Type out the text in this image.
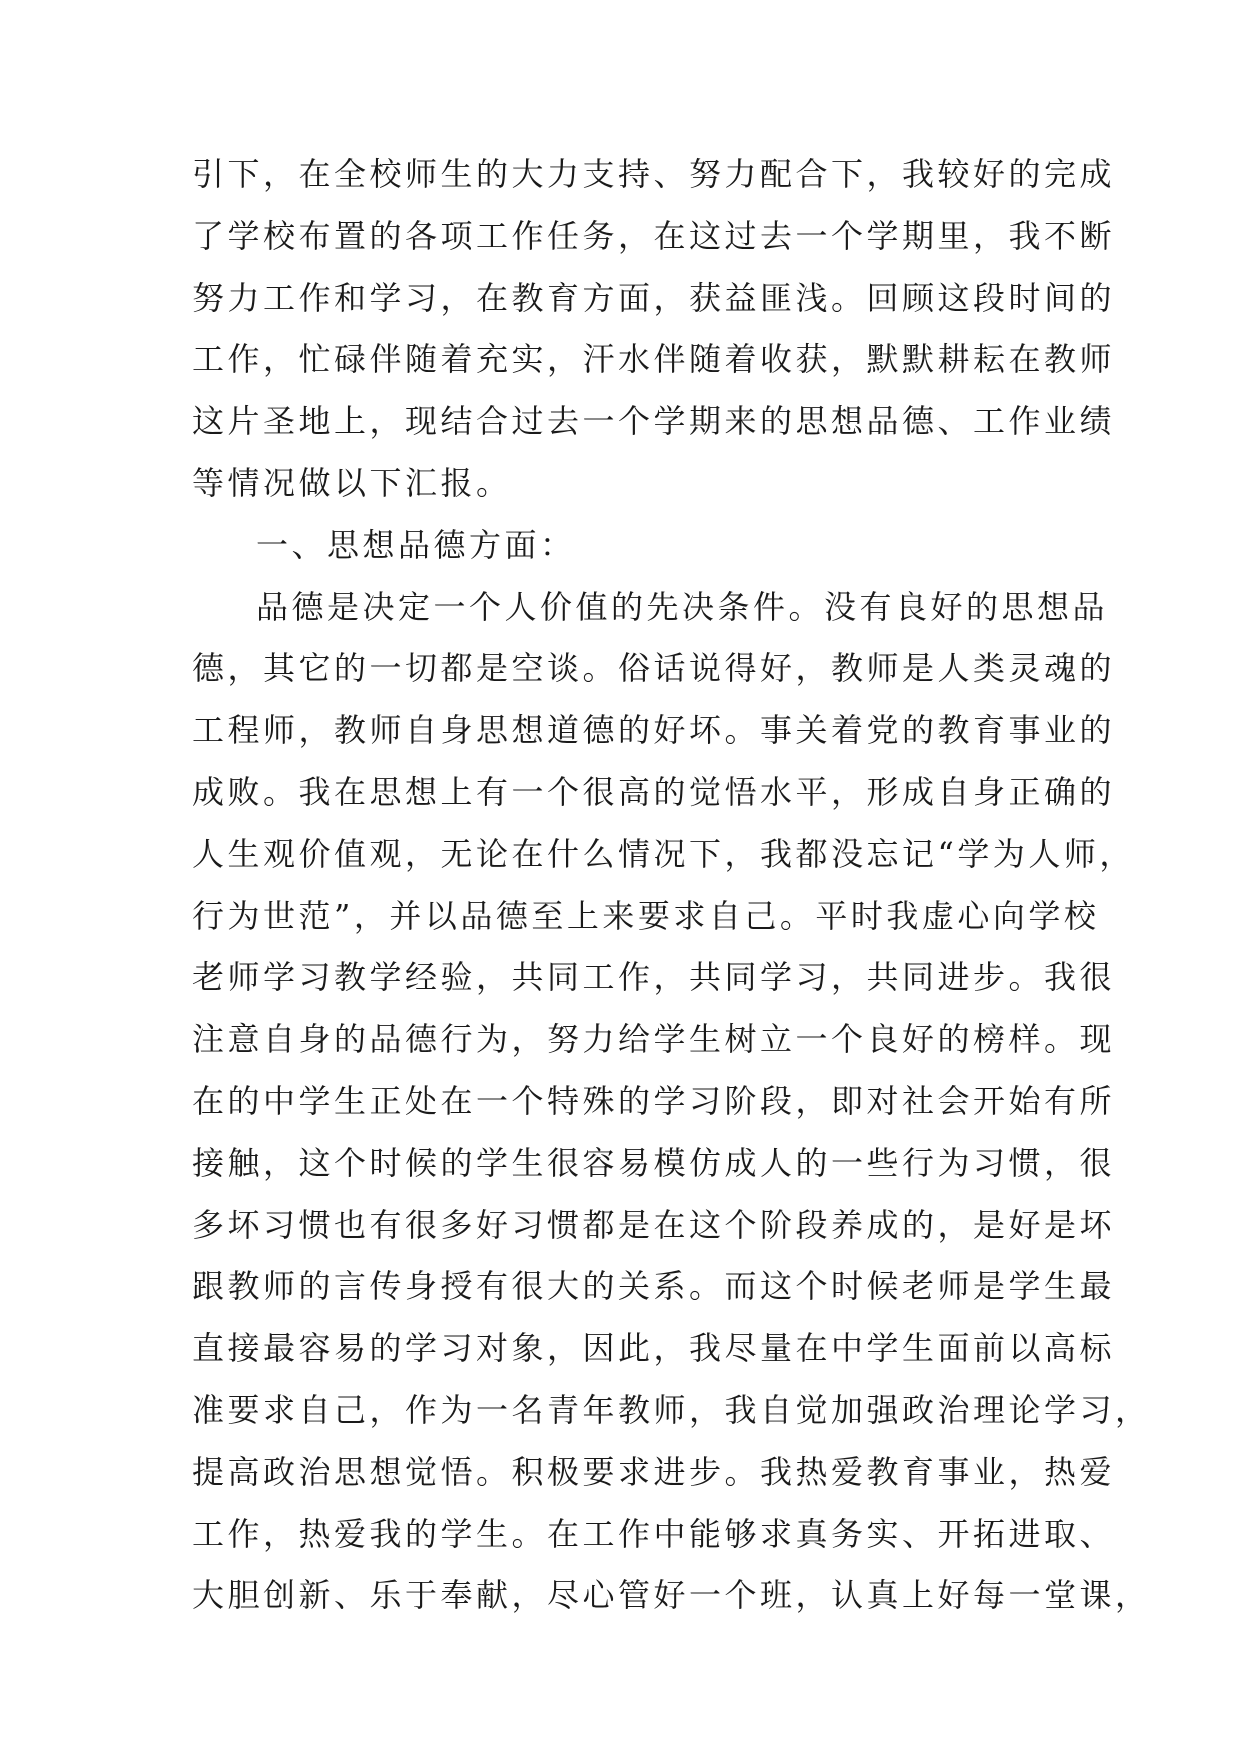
引下，在全校师生的大力支持、努力配合下，我较好的完成
了学校布置的各项工作任务，在这过去一个学期里，我不断
努力工作和学习，在教育方面，获益匪浅。回顾这段时间的
工作，忙碌伴随着充实，汗水伴随着收获，默默耕耘在教师
这片圣地上，现结合过去一个学期来的思想品德、工作业绩
等情况做以下汇报。
一、思想品德方面：
品德是决定一个人价值的先决条件。没有良好的思想品
德，其它的一切都是空谈。俗话说得好，教师是人类灵魂的
工程师，教师自身思想道德的好坏。事关着党的教育事业的
成败。我在思想上有一个很高的觉悟水平，形成自身正确的
人生观价值观，无论在什么情况下，我都没忘记“学为人师，
行为世范”，并以品德至上来要求自己。平时我虚心向学校
老师学习教学经验，共同工作，共同学习，共同进步。我很
注意自身的品德行为，努力给学生树立一个良好的榜样。现
在的中学生正处在一个特殊的学习阶段，即对社会开始有所
接触，这个时候的学生很容易模仿成人的一些行为习惯，很
多坏习惯也有很多好习惯都是在这个阶段养成的，是好是坏
跟教师的言传身授有很大的关系。而这个时候老师是学生最
直接最容易的学习对象，因此，我尽量在中学生面前以高标
准要求自己，作为一名青年教师，我自觉加强政治理论学习，
提高政治思想觉悟。积极要求进步。我热爱教育事业，热爱
工作，热爱我的学生。在工作中能够求真务实、开拓进取、
大胆创新、乐于奉献，尽心管好一个班，认真上好每一堂课，
